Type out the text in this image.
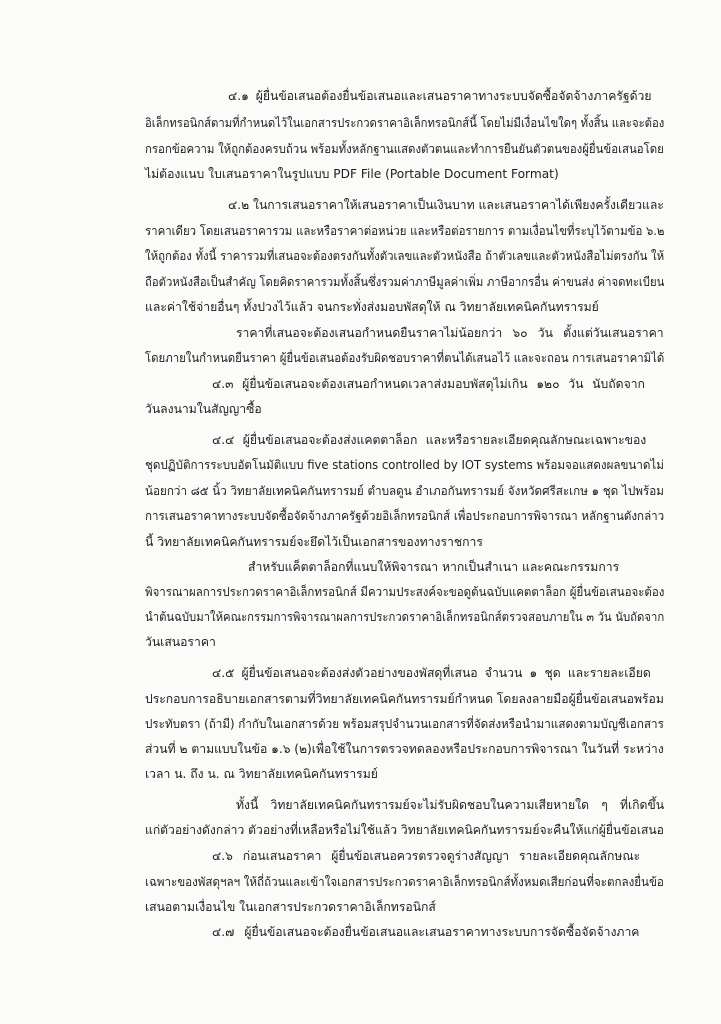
๔.๑ ผู้ยื่นข้อเสนอต้องยื่นข้อเสนอและเสนอราคาทางระบบจัดซื้อจัดจ้างภาครัฐด้วย
อิเล็กทรอนิกส์ตามที่กำหนดไว้ในเอกสารประกวดราคาอิเล็กทรอนิกส์นี้ โดยไม่มีเงื่อนไขใดๆ ทั้งสิ้น และจะต้อง
กรอกข้อความ ให้ถูกต้องครบถ้วน พร้อมทั้งหลักฐานแสดงตัวตนและทำการยืนยันตัวตนของผู้ยื่นข้อเสนอโดย
ไม่ต้องแนบ ใบเสนอราคาในรูปแบบ PDF File (Portable Document Format)
๔.๒ ในการเสนอราคาให้เสนอราคาเป็นเงินบาท และเสนอราคาได้เพียงครั้งเดียวและ
ราคาเดียว โดยเสนอราคารวม และหรือราคาต่อหน่วย และหรือต่อรายการ ตามเงื่อนไขที่ระบุไว้ตามข้อ ๖.๒
ให้ถูกต้อง ทั้งนี้ ราคารวมที่เสนอจะต้องตรงกันทั้งตัวเลขและตัวหนังสือ ถ้าตัวเลขและตัวหนังสือไม่ตรงกัน ให้
ถือตัวหนังสือเป็นสำคัญ โดยคิดราคารวมทั้งสิ้นซึ่งรวมค่าภาษีมูลค่าเพิ่ม ภาษีอากรอื่น ค่าขนส่ง ค่าจดทะเบียน
และค่าใช้จ่ายอื่นๆ ทั้งปวงไว้แล้ว จนกระทั่งส่งมอบพัสดุให้ ณ วิทยาลัยเทคนิคกันทรารมย์
ราคาที่เสนอจะต้องเสนอกำหนดยืนราคาไม่น้อยกว่า ๖๐ วัน ตั้งแต่วันเสนอราคา
โดยภายในกำหนดยืนราคา ผู้ยื่นข้อเสนอต้องรับผิดชอบราคาที่ตนได้เสนอไว้ และจะถอน การเสนอราคามิได้
๔.๓ ผู้ยื่นข้อเสนอจะต้องเสนอกำหนดเวลาส่งมอบพัสดุไม่เกิน ๑๒๐ วัน นับถัดจาก
วันลงนามในสัญญาซื้อ
๔.๔ ผู้ยื่นข้อเสนอจะต้องส่งแคตตาล็อก และหรือรายละเอียดคุณลักษณะเฉพาะของ
ชุดปฏิบัติการระบบอัตโนมัติแบบ five stations controlled by IOT systems พร้อมจอแสดงผลขนาดไม่
น้อยกว่า ๘๕ นิ้ว วิทยาลัยเทคนิคกันทรารมย์ ตำบลดูน อำเภอกันทรารมย์ จังหวัดศรีสะเกษ ๑ ชุด ไปพร้อม
การเสนอราคาทางระบบจัดซื้อจัดจ้างภาครัฐด้วยอิเล็กทรอนิกส์ เพื่อประกอบการพิจารณา หลักฐานดังกล่าว
นี้ วิทยาลัยเทคนิคกันทรารมย์จะยึดไว้เป็นเอกสารของทางราชการ
สำหรับแค็ตตาล็อกที่แนบให้พิจารณา หากเป็นสำเนา และคณะกรรมการ
พิจารณาผลการประกวดราคาอิเล็กทรอนิกส์ มีความประสงค์จะขอดูต้นฉบับแคตตาล็อก ผู้ยื่นข้อเสนอจะต้อง
นำต้นฉบับมาให้คณะกรรมการพิจารณาผลการประกวดราคาอิเล็กทรอนิกส์ตรวจสอบภายใน ๓ วัน นับถัดจาก
วันเสนอราคา
๔.๕ ผู้ยื่นข้อเสนอจะต้องส่งตัวอย่างของพัสดุที่เสนอ จำนวน ๑ ชุด และรายละเอียด
ประกอบการอธิบายเอกสารตามที่วิทยาลัยเทคนิคกันทรารมย์กำหนด โดยลงลายมือผู้ยื่นข้อเสนอพร้อม
ประทับตรา (ถ้ามี) กำกับในเอกสารด้วย พร้อมสรุปจำนวนเอกสารที่จัดส่งหรือนำมาแสดงตามบัญชีเอกสาร
ส่วนที่ ๒ ตามแบบในข้อ ๑.๖ (๒)เพื่อใช้ในการตรวจทดลองหรือประกอบการพิจารณา ในวันที่ ระหว่าง
เวลา น. ถึง น. ณ วิทยาลัยเทคนิคกันทรารมย์
ทั้งนี้ วิทยาลัยเทคนิคกันทรารมย์จะไม่รับผิดชอบในความเสียหายใด ๆ ที่เกิดขึ้น
แก่ตัวอย่างดังกล่าว ตัวอย่างที่เหลือหรือไม่ใช้แล้ว วิทยาลัยเทคนิคกันทรารมย์จะคืนให้แก่ผู้ยื่นข้อเสนอ
๔.๖ ก่อนเสนอราคา ผู้ยื่นข้อเสนอควรตรวจดูร่างสัญญา รายละเอียดคุณลักษณะ
เฉพาะของพัสดุฯลฯ ให้ถี่ถ้วนและเข้าใจเอกสารประกวดราคาอิเล็กทรอนิกส์ทั้งหมดเสียก่อนที่จะตกลงยื่นข้อ
เสนอตามเงื่อนไข ในเอกสารประกวดราคาอิเล็กทรอนิกส์
๔.๗ ผู้ยื่นข้อเสนอจะต้องยื่นข้อเสนอและเสนอราคาทางระบบการจัดซื้อจัดจ้างภาค
